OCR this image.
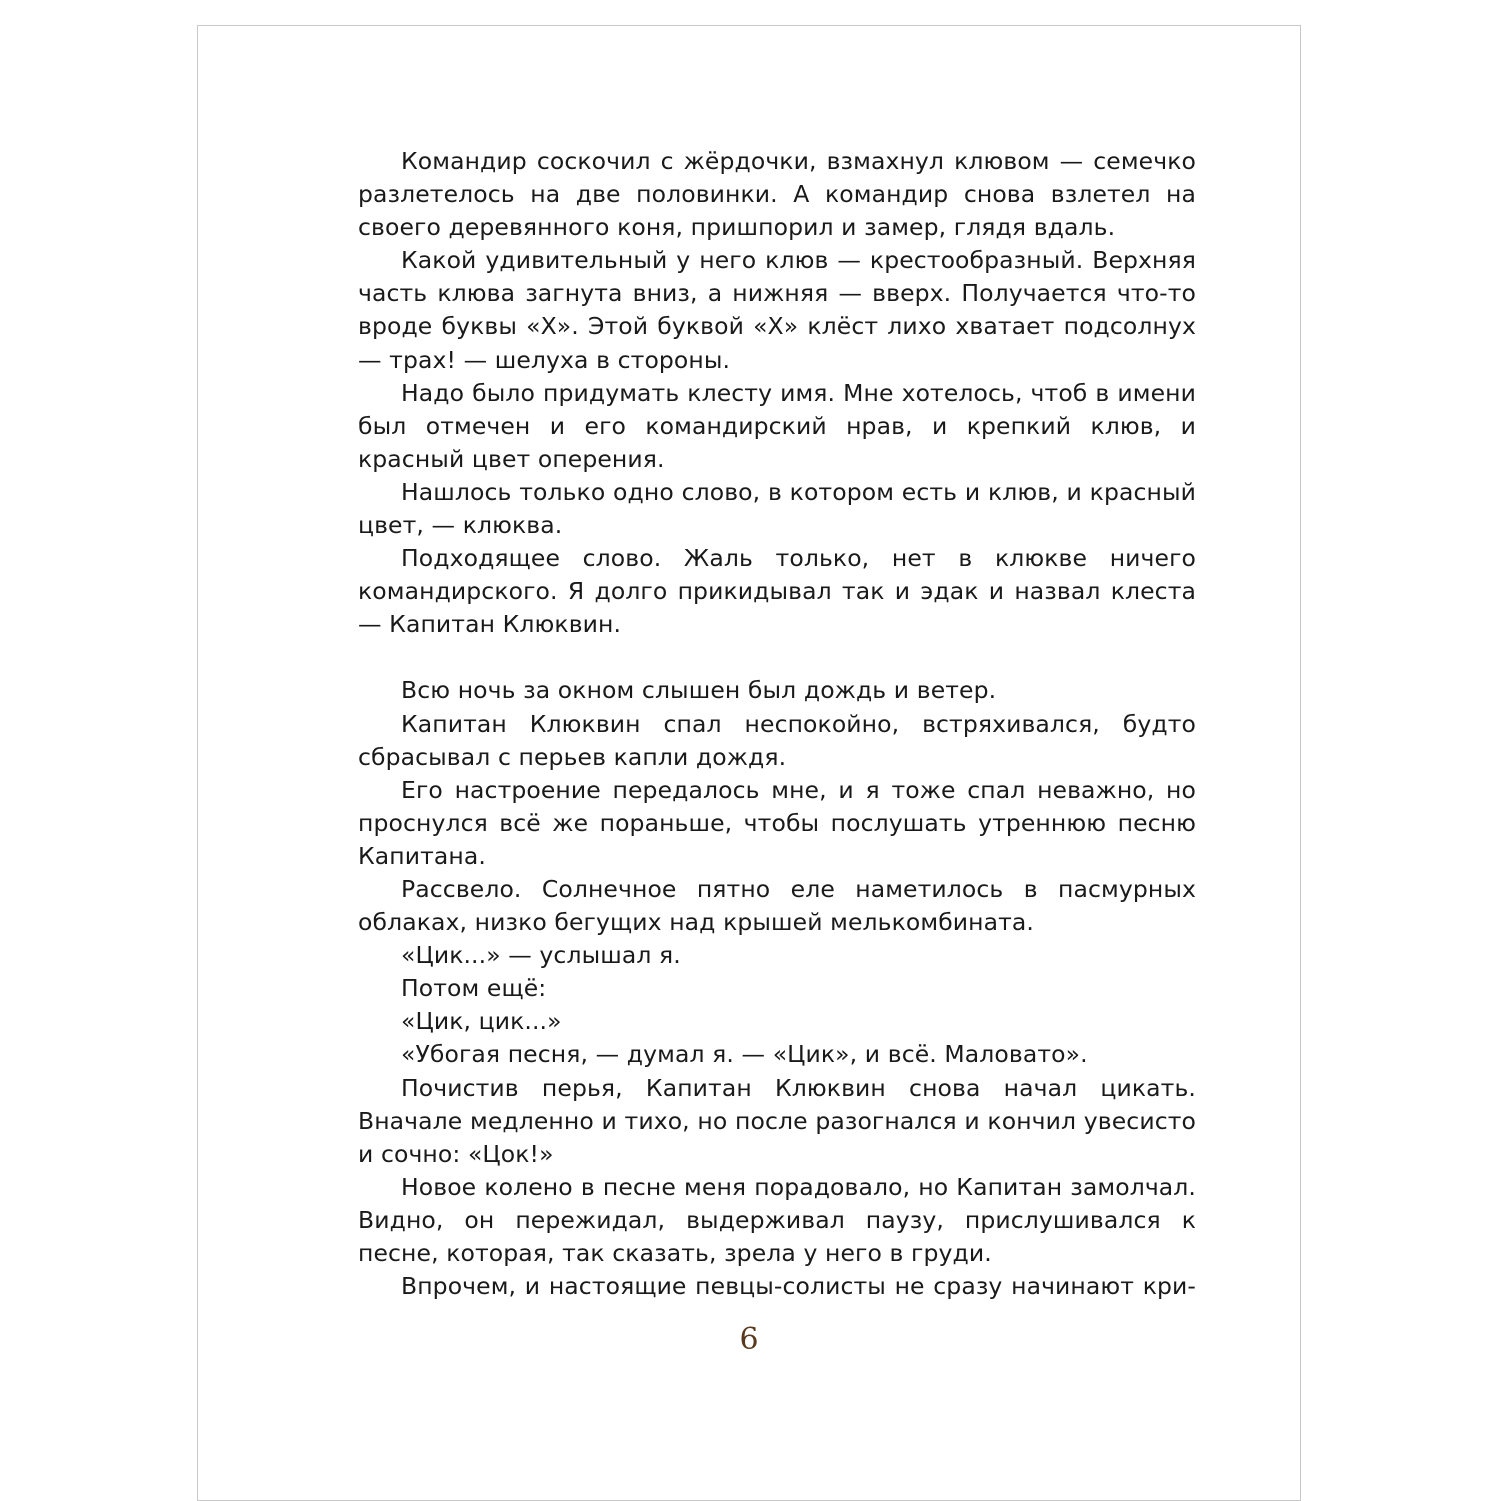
Командир соскочил с жёрдочки, взмахнул клювом — семечко разлетелось на две половинки. А командир снова взлетел на своего деревянного коня, пришпорил и замер, глядя вдаль.

Какой удивительный у него клюв — крестообразный. Верхняя часть клюва загнута вниз, а нижняя — вверх. Получается что-то вроде буквы «Х». Этой буквой «Х» клёст лихо хватает подсолнух — трах! — шелуха в стороны.

Надо было придумать клесту имя. Мне хотелось, чтоб в имени был отмечен и его командирский нрав, и крепкий клюв, и красный цвет оперения.

Нашлось только одно слово, в котором есть и клюв, и красный цвет, — клюква.

Подходящее слово. Жаль только, нет в клюкве ничего командирского. Я долго прикидывал так и эдак и назвал клеста — Капитан Клюквин.

Всю ночь за окном слышен был дождь и ветер.

Капитан Клюквин спал неспокойно, встряхивался, будто сбрасывал с перьев капли дождя.

Его настроение передалось мне, и я тоже спал неважно, но проснулся всё же пораньше, чтобы послушать утреннюю песню Капитана.

Рассвело. Солнечное пятно еле наметилось в пасмурных облаках, низко бегущих над крышей мелькомбината.

«Цик...» — услышал я.

Потом ещё:

«Цик, цик...»

«Убогая песня, — думал я. — «Цик», и всё. Маловато».

Почистив перья, Капитан Клюквин снова начал цикать. Вначале медленно и тихо, но после разогнался и кончил увесисто и сочно: «Цок!»

Новое колено в песне меня порадовало, но Капитан замолчал. Видно, он пережидал, выдерживал паузу, прислушивался к песне, которая, так сказать, зрела у него в груди.

Впрочем, и настоящие певцы-солисты не сразу начинают кри-

6
